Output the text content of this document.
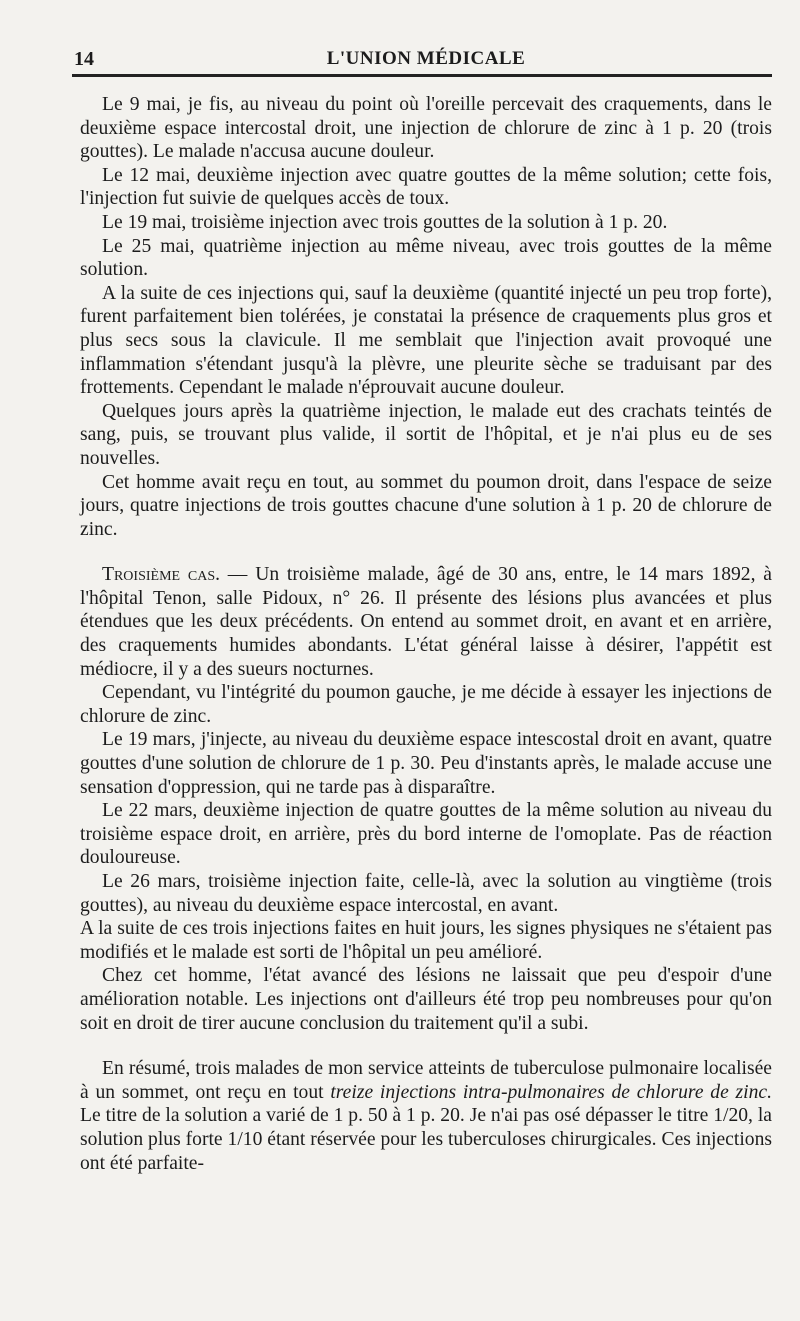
14	L'UNION MÉDICALE

Le 9 mai, je fis, au niveau du point où l'oreille percevait des craquements, dans le deuxième espace intercostal droit, une injection de chlorure de zinc à 1 p. 20 (trois gouttes). Le malade n'accusa aucune douleur.

Le 12 mai, deuxième injection avec quatre gouttes de la même solution; cette fois, l'injection fut suivie de quelques accès de toux.

Le 19 mai, troisième injection avec trois gouttes de la solution à 1 p. 20.

Le 25 mai, quatrième injection au même niveau, avec trois gouttes de la même solution.

A la suite de ces injections qui, sauf la deuxième (quantité injecté un peu trop forte), furent parfaitement bien tolérées, je constatai la présence de craquements plus gros et plus secs sous la clavicule. Il me semblait que l'injection avait provoqué une inflammation s'étendant jusqu'à la plèvre, une pleurite sèche se traduisant par des frottements. Cependant le malade n'éprouvait aucune douleur.

Quelques jours après la quatrième injection, le malade eut des crachats teintés de sang, puis, se trouvant plus valide, il sortit de l'hôpital, et je n'ai plus eu de ses nouvelles.

Cet homme avait reçu en tout, au sommet du poumon droit, dans l'espace de seize jours, quatre injections de trois gouttes chacune d'une solution à 1 p. 20 de chlorure de zinc.

Troisième cas. — Un troisième malade, âgé de 30 ans, entre, le 14 mars 1892, à l'hôpital Tenon, salle Pidoux, n° 26. Il présente des lésions plus avancées et plus étendues que les deux précédents. On entend au sommet droit, en avant et en arrière, des craquements humides abondants. L'état général laisse à désirer, l'appétit est médiocre, il y a des sueurs nocturnes.

Cependant, vu l'intégrité du poumon gauche, je me décide à essayer les injections de chlorure de zinc.

Le 19 mars, j'injecte, au niveau du deuxième espace intescostal droit en avant, quatre gouttes d'une solution de chlorure de 1 p. 30. Peu d'instants après, le malade accuse une sensation d'oppression, qui ne tarde pas à disparaître.

Le 22 mars, deuxième injection de quatre gouttes de la même solution au niveau du troisième espace droit, en arrière, près du bord interne de l'omoplate. Pas de réaction douloureuse.

Le 26 mars, troisième injection faite, celle-là, avec la solution au vingtième (trois gouttes), au niveau du deuxième espace intercostal, en avant.

A la suite de ces trois injections faites en huit jours, les signes physiques ne s'étaient pas modifiés et le malade est sorti de l'hôpital un peu amélioré.

Chez cet homme, l'état avancé des lésions ne laissait que peu d'espoir d'une amélioration notable. Les injections ont d'ailleurs été trop peu nombreuses pour qu'on soit en droit de tirer aucune conclusion du traitement qu'il a subi.

En résumé, trois malades de mon service atteints de tuberculose pulmonaire localisée à un sommet, ont reçu en tout treize injections intra-pulmonaires de chlorure de zinc. Le titre de la solution a varié de 1 p. 50 à 1 p. 20. Je n'ai pas osé dépasser le titre 1/20, la solution plus forte 1/10 étant réservée pour les tuberculoses chirurgicales. Ces injections ont été parfaite-
